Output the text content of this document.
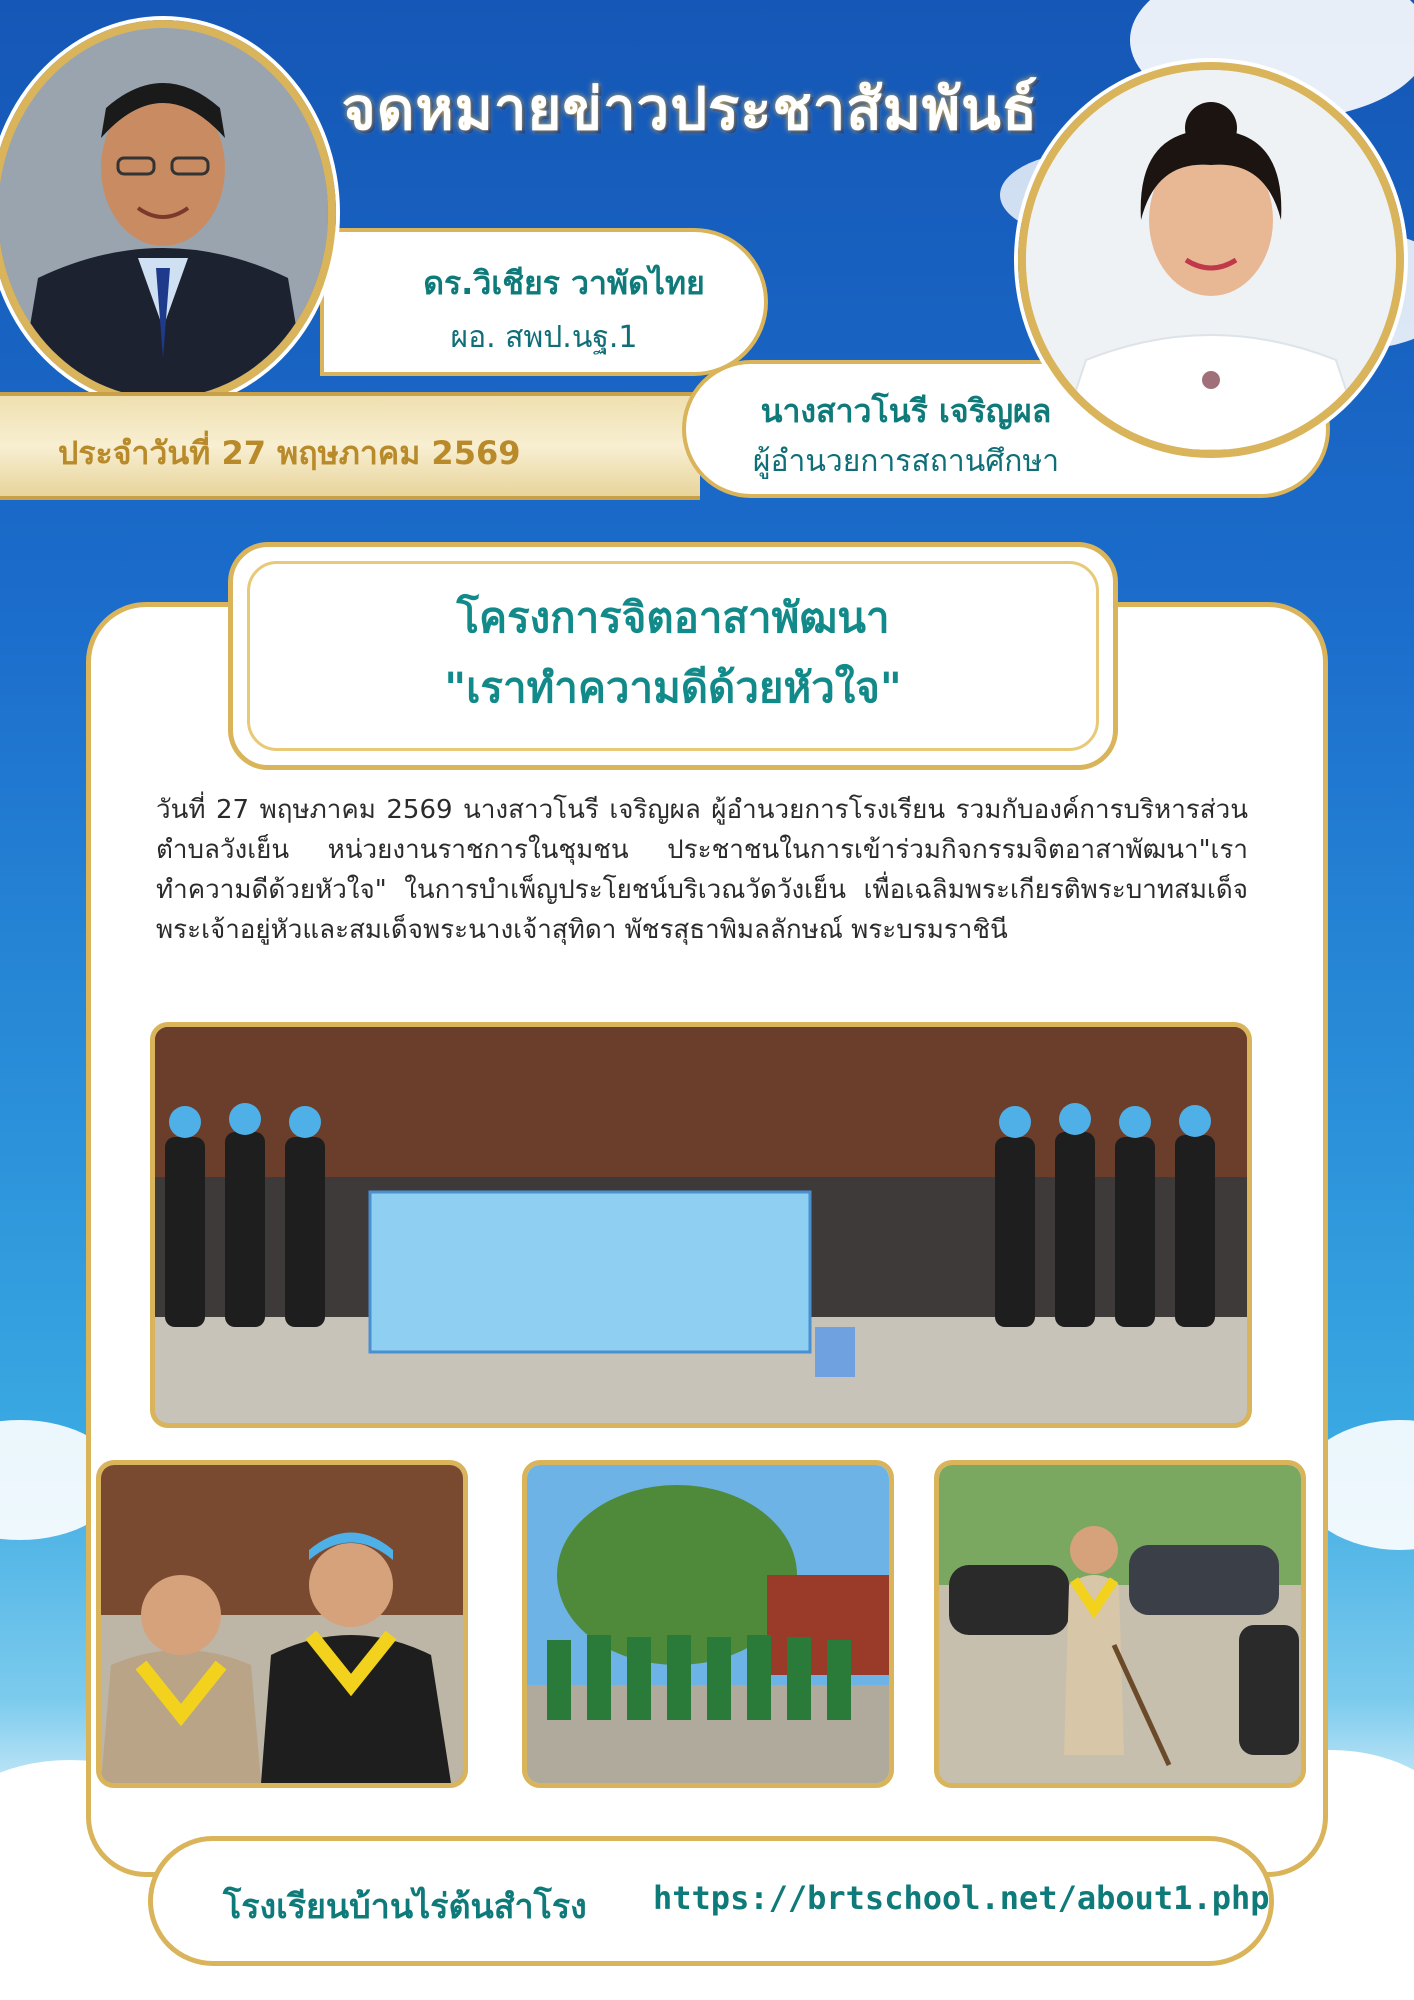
จดหมายข่าวประชาสัมพันธ์
ดร.วิเชียร วาพัดไทย
ผอ. สพป.นฐ.1
ประจำวันที่ 27 พฤษภาคม 2569
นางสาวโนรี เจริญผล
ผู้อำนวยการสถานศึกษา
โครงการจิตอาสาพัฒนา
"เราทำความดีด้วยหัวใจ"
วันที่ 27 พฤษภาคม 2569 นางสาวโนรี เจริญผล ผู้อำนวยการโรงเรียน รวมกับองค์การบริหารส่วนตำบลวังเย็น หน่วยงานราชการในชุมชน ประชาชนในการเข้าร่วมกิจกรรมจิตอาสาพัฒนา"เราทำความดีด้วยหัวใจ" ในการบำเพ็ญประโยชน์บริเวณวัดวังเย็น เพื่อเฉลิมพระเกียรติพระบาทสมเด็จพระเจ้าอยู่หัวและสมเด็จพระนางเจ้าสุทิดา พัชรสุธาพิมลลักษณ์ พระบรมราชินี
โรงเรียนบ้านไร่ต้นสำโรง https://brtschool.net/about1.php
